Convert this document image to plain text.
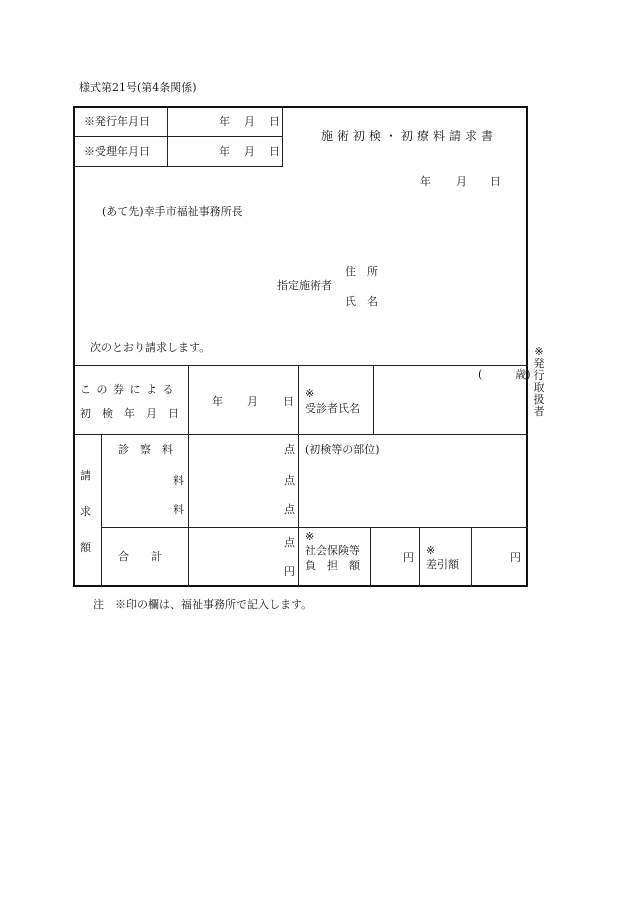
様式第21号(第4条関係)
※発行年月日
※受理年月日
年 月 日
年 月 日
施術初検・初療料請求書
年 月 日
(あて先)幸手市福祉事務所長
住　所
指定施術者
氏　名
次のとおり請求します。	※
発
行
取
扱
者
こ の 券 に よ る
初　検　年　月　日
年 月 日
※
受診者氏名
(　　　歳)
請
求
額
診　察　料
料
料
点
点
点
(初検等の部位)
合　　計
点
円
※
社会保険等
負　担　額
円
※
差引額
円
注　※印の欄は、福祉事務所で記入します。
